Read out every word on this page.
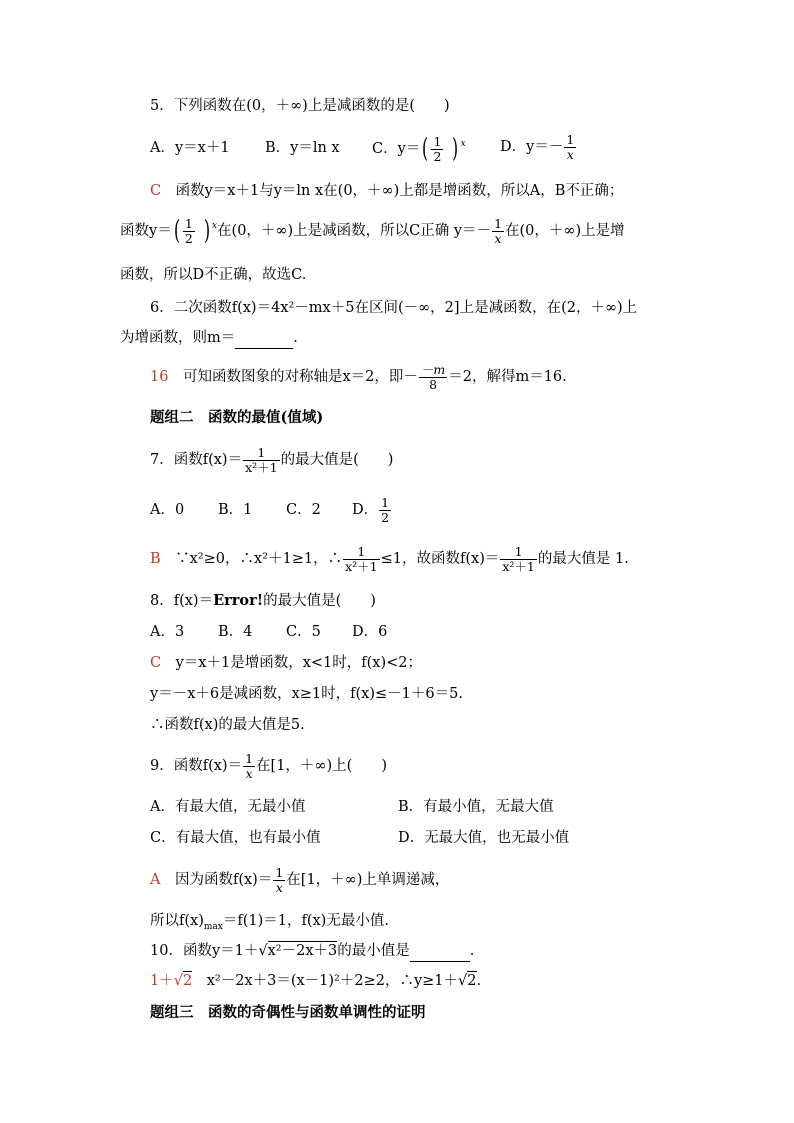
5．下列函数在(0，＋∞)上是减函数的是(　　)
A．y＝x＋1 B．y＝ln x C．$y=( \frac{1}{2}$ ) $^x$ D．$y=- \frac{1}{x}$
C　 函数y＝x＋1与y＝ln x在(0，＋∞)上都是增函数，所以A，B不正确；
函数$y=( \frac{1}{2}$ ) $^x$在(0，＋∞)上是减函数，所以C正确 $y=- \frac{1}{x}$ 在(0，＋∞)上是增
函数，所以D不正确，故选C.
6．二次函数f(x)＝4x²－mx＋5在区间(－∞，2]上是减函数，在(2，＋∞)上
为增函数，则m＝	.
16　 可知函数图象的对称轴是x＝2，即－ $\frac{-m}{8} =2$，解得m＝16.
题组二　函数的最值(值域)
7．函数$f(x)= \frac{1}{\text{x²＋1}}$ 的最大值是(　　)
A．0 B．1 C．2 D． $\frac{1}{2}$
B　 ∵x²≥0，∴x²＋1≥1，∴ $\frac{1}{\text{x²＋1}} \le 1$，故函数$f(x)= \frac{1}{\text{x²＋1}}$ 的最大值是 1.
8．f(x)＝Error!的最大值是(　　)
A．3 B．4 C．5 D．6
C　 y＝x＋1是增函数，x<1时，f(x)<2；
y＝－x＋6是减函数，x≥1时，f(x)≤－1＋6＝5.
∴函数f(x)的最大值是5.
9．函数$f(x)= \frac{1}{x}$ 在[1，＋∞)上(　　)
A．有最大值，无最小值	B．有最小值，无最大值
C．有最大值，也有最小值	D．无最大值，也无最小值
A　 因为函数$f(x)= \frac{1}{x}$ 在[1，＋∞)上单调递减，
所以$f(x)_{max}=f(1)=1$，f(x)无最小值.
10．函数y＝1＋√x²－2x＋3的最小值是	.
1＋√2　 x²－2x＋3＝(x－1)²＋2≥2，∴y≥1＋√2.
题组三　函数的奇偶性与函数单调性的证明
